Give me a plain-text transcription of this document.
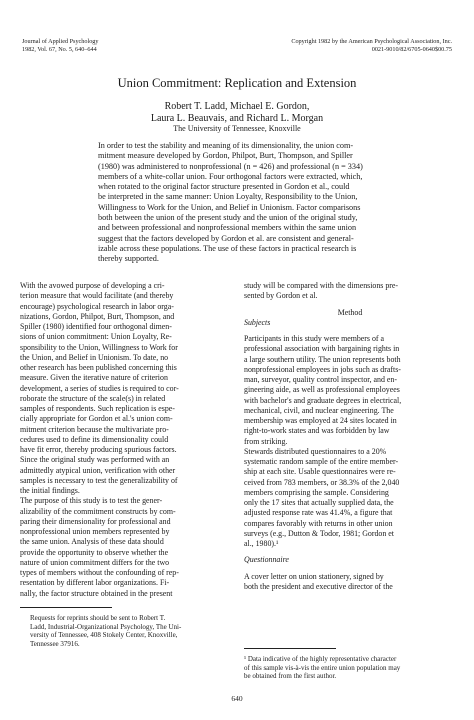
Journal of Applied Psychology
1982, Vol. 67, No. 5, 640–644
Copyright 1982 by the American Psychological Association, Inc.
0021-9010/82/6705-0640$00.75
Union Commitment: Replication and Extension
Robert T. Ladd, Michael E. Gordon,
Laura L. Beauvais, and Richard L. Morgan
The University of Tennessee, Knoxville
In order to test the stability and meaning of its dimensionality, the union com-
mitment measure developed by Gordon, Philpot, Burt, Thompson, and Spiller
(1980) was administered to nonprofessional (n = 426) and professional (n = 334)
members of a white-collar union. Four orthogonal factors were extracted, which,
when rotated to the original factor structure presented in Gordon et al., could
be interpreted in the same manner: Union Loyalty, Responsibility to the Union,
Willingness to Work for the Union, and Belief in Unionism. Factor comparisons
both between the union of the present study and the union of the original study,
and between professional and nonprofessional members within the same union
suggest that the factors developed by Gordon et al. are consistent and general-
izable across these populations. The use of these factors in practical research is
thereby supported.
With the avowed purpose of developing a cri-
terion measure that would facilitate (and thereby
encourage) psychological research in labor orga-
nizations, Gordon, Philpot, Burt, Thompson, and
Spiller (1980) identified four orthogonal dimen-
sions of union commitment: Union Loyalty, Re-
sponsibility to the Union, Willingness to Work for
the Union, and Belief in Unionism. To date, no
other research has been published concerning this
measure. Given the iterative nature of criterion
development, a series of studies is required to cor-
roborate the structure of the scale(s) in related
samples of respondents. Such replication is espe-
cially appropriate for Gordon et al.'s union com-
mitment criterion because the multivariate pro-
cedures used to define its dimensionality could
have fit error, thereby producing spurious factors.
Since the original study was performed with an
admittedly atypical union, verification with other
samples is necessary to test the generalizability of
the initial findings.
The purpose of this study is to test the gener-
alizability of the commitment constructs by com-
paring their dimensionality for professional and
nonprofessional union members represented by
the same union. Analysis of these data should
provide the opportunity to observe whether the
nature of union commitment differs for the two
types of members without the confounding of rep-
resentation by different labor organizations. Fi-
nally, the factor structure obtained in the present
Requests for reprints should be sent to Robert T.
Ladd, Industrial-Organizational Psychology, The Uni-
versity of Tennessee, 408 Stokely Center, Knoxville,
Tennessee 37916.
study will be compared with the dimensions pre-
sented by Gordon et al.
Method
Subjects
Participants in this study were members of a
professional association with bargaining rights in
a large southern utility. The union represents both
nonprofessional employees in jobs such as drafts-
man, surveyor, quality control inspector, and en-
gineering aide, as well as professional employees
with bachelor's and graduate degrees in electrical,
mechanical, civil, and nuclear engineering. The
membership was employed at 24 sites located in
right-to-work states and was forbidden by law
from striking.
Stewards distributed questionnaires to a 20%
systematic random sample of the entire member-
ship at each site. Usable questionnaires were re-
ceived from 783 members, or 38.3% of the 2,040
members comprising the sample. Considering
only the 17 sites that actually supplied data, the
adjusted response rate was 41.4%, a figure that
compares favorably with returns in other union
surveys (e.g., Dutton & Todor, 1981; Gordon et
al., 1980).¹
Questionnaire
A cover letter on union stationery, signed by
both the president and executive director of the
¹ Data indicative of the highly representative character
of this sample vis-à-vis the entire union population may
be obtained from the first author.
640
